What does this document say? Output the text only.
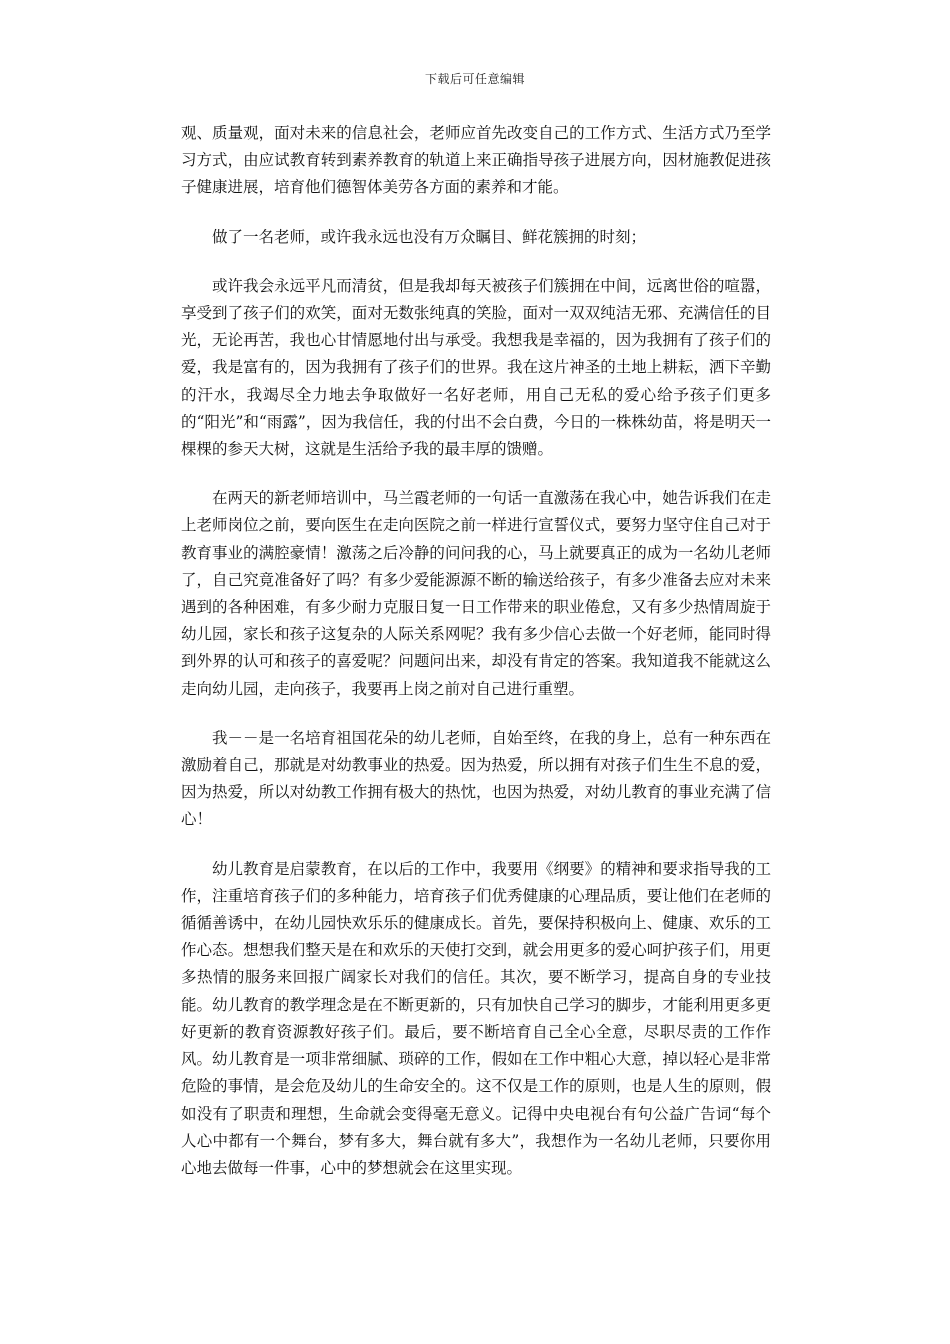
下载后可任意编辑

观、质量观，面对未来的信息社会，老师应首先改变自己的工作方式、生活方式乃至学习方式，由应试教育转到素养教育的轨道上来正确指导孩子进展方向，因材施教促进孩子健康进展，培育他们德智体美劳各方面的素养和才能。

做了一名老师，或许我永远也没有万众瞩目、鲜花簇拥的时刻；

或许我会永远平凡而清贫，但是我却每天被孩子们簇拥在中间，远离世俗的喧嚣，享受到了孩子们的欢笑，面对无数张纯真的笑脸，面对一双双纯洁无邪、充满信任的目光，无论再苦，我也心甘情愿地付出与承受。我想我是幸福的，因为我拥有了孩子们的爱，我是富有的，因为我拥有了孩子们的世界。我在这片神圣的土地上耕耘，洒下辛勤的汗水，我竭尽全力地去争取做好一名好老师，用自己无私的爱心给予孩子们更多的“阳光”和“雨露”，因为我信任，我的付出不会白费，今日的一株株幼苗，将是明天一棵棵的参天大树，这就是生活给予我的最丰厚的馈赠。

在两天的新老师培训中，马兰霞老师的一句话一直激荡在我心中，她告诉我们在走上老师岗位之前，要向医生在走向医院之前一样进行宣誓仪式，要努力坚守住自己对于教育事业的满腔豪情！激荡之后冷静的问问我的心，马上就要真正的成为一名幼儿老师了，自己究竟准备好了吗？有多少爱能源源不断的输送给孩子，有多少准备去应对未来遇到的各种困难，有多少耐力克服日复一日工作带来的职业倦怠，又有多少热情周旋于幼儿园，家长和孩子这复杂的人际关系网呢？我有多少信心去做一个好老师，能同时得到外界的认可和孩子的喜爱呢？问题问出来，却没有肯定的答案。我知道我不能就这么走向幼儿园，走向孩子，我要再上岗之前对自己进行重塑。

我－－是一名培育祖国花朵的幼儿老师，自始至终，在我的身上，总有一种东西在激励着自己，那就是对幼教事业的热爱。因为热爱，所以拥有对孩子们生生不息的爱，因为热爱，所以对幼教工作拥有极大的热忱，也因为热爱，对幼儿教育的事业充满了信心！

幼儿教育是启蒙教育，在以后的工作中，我要用《纲要》的精神和要求指导我的工作，注重培育孩子们的多种能力，培育孩子们优秀健康的心理品质，要让他们在老师的循循善诱中，在幼儿园快欢乐乐的健康成长。首先，要保持积极向上、健康、欢乐的工作心态。想想我们整天是在和欢乐的天使打交到，就会用更多的爱心呵护孩子们，用更多热情的服务来回报广阔家长对我们的信任。其次，要不断学习，提高自身的专业技能。幼儿教育的教学理念是在不断更新的，只有加快自己学习的脚步，才能利用更多更好更新的教育资源教好孩子们。最后，要不断培育自己全心全意，尽职尽责的工作作风。幼儿教育是一项非常细腻、琐碎的工作，假如在工作中粗心大意，掉以轻心是非常危险的事情，是会危及幼儿的生命安全的。这不仅是工作的原则，也是人生的原则，假如没有了职责和理想，生命就会变得毫无意义。记得中央电视台有句公益广告词“每个人心中都有一个舞台，梦有多大，舞台就有多大”，我想作为一名幼儿老师，只要你用心地去做每一件事，心中的梦想就会在这里实现。
